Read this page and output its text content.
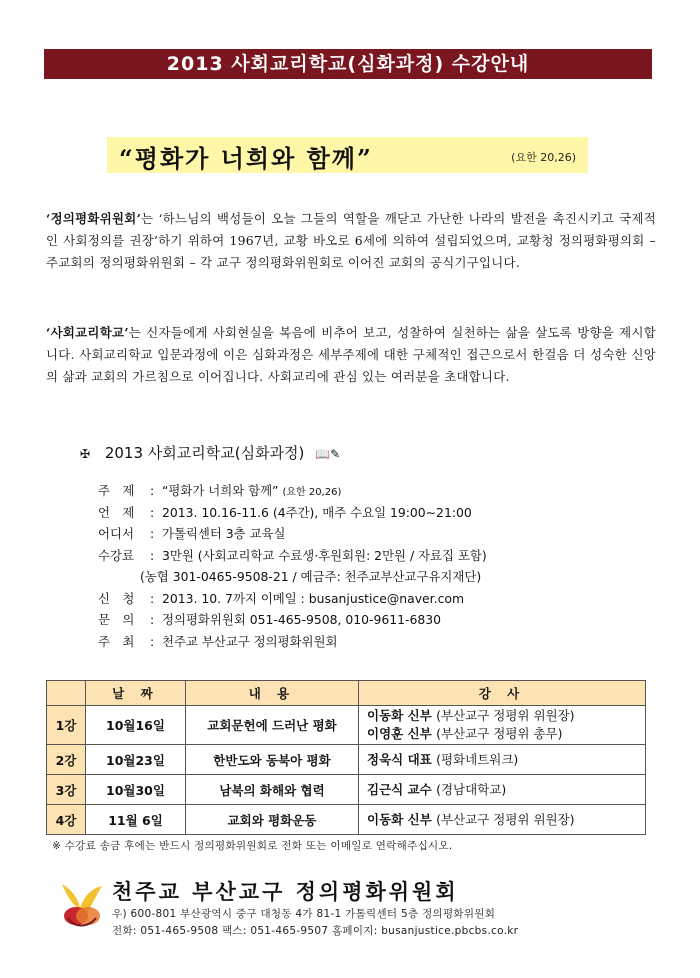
2013 사회교리학교(심화과정) 수강안내
“평화가 너희와 함께”	(요한 20,26)
‘정의평화위원회’는 ‘하느님의 백성들이 오늘 그들의 역할을 깨닫고 가난한 나라의 발전을 촉진시키고 국제적인 사회정의를 권장’하기 위하여 1967년, 교황 바오로 6세에 의하여 설립되었으며, 교황청 정의평화평의회 – 주교회의 정의평화위원회 – 각 교구 정의평화위원회로 이어진 교회의 공식기구입니다.
‘사회교리학교’는 신자들에게 사회현실을 복음에 비추어 보고, 성찰하여 실천하는 삶을 살도록 방향을 제시합니다. 사회교리학교 입문과정에 이은 심화과정은 세부주제에 대한 구체적인 접근으로서 한걸음 더 성숙한 신앙의 삶과 교회의 가르침으로 이어집니다. 사회교리에 관심 있는 여러분을 초대합니다.
✠ 2013 사회교리학교(심화과정) 📖✎
주　제 : “평화가 너희와 함께” (요한 20,26)
언　제 : 2013. 10.16-11.6 (4주간), 매주 수요일 19:00∼21:00
어디서 : 가톨릭센터 3층 교육실
수강료 : 3만원 (사회교리학교 수료생·후원회원: 2만원 / 자료집 포함)
(농협 301-0465-9508-21 / 예금주: 천주교부산교구유지재단)
신　청 : 2013. 10. 7까지 이메일 : busanjustice@naver.com
문　의 : 정의평화위원회 051-465-9508, 010-9611-6830
주　최 : 천주교 부산교구 정의평화위원회
	날 짜	내 용	강 사
1강	10월16일	교회문헌에 드러난 평화	이동화 신부 (부산교구 정평위 위원장)
이영훈 신부 (부산교구 정평위 총무)

2강	10월23일	한반도와 동북아 평화	정욱식 대표 (평화네트워크)
3강	10월30일	남북의 화해와 협력	김근식 교수 (경남대학교)
4강	11월 6일	교회와 평화운동	이동화 신부 (부산교구 정평위 위원장)
※ 수강료 송금 후에는 반드시 정의평화위원회로 전화 또는 이메일로 연락해주십시오.
천주교 부산교구 정의평화위원회
우) 600-801 부산광역시 중구 대청동 4가 81-1 가톨릭센터 5층 정의평화위원회
전화: 051-465-9508 팩스: 051-465-9507 홈페이지: busanjustice.pbcbs.co.kr
